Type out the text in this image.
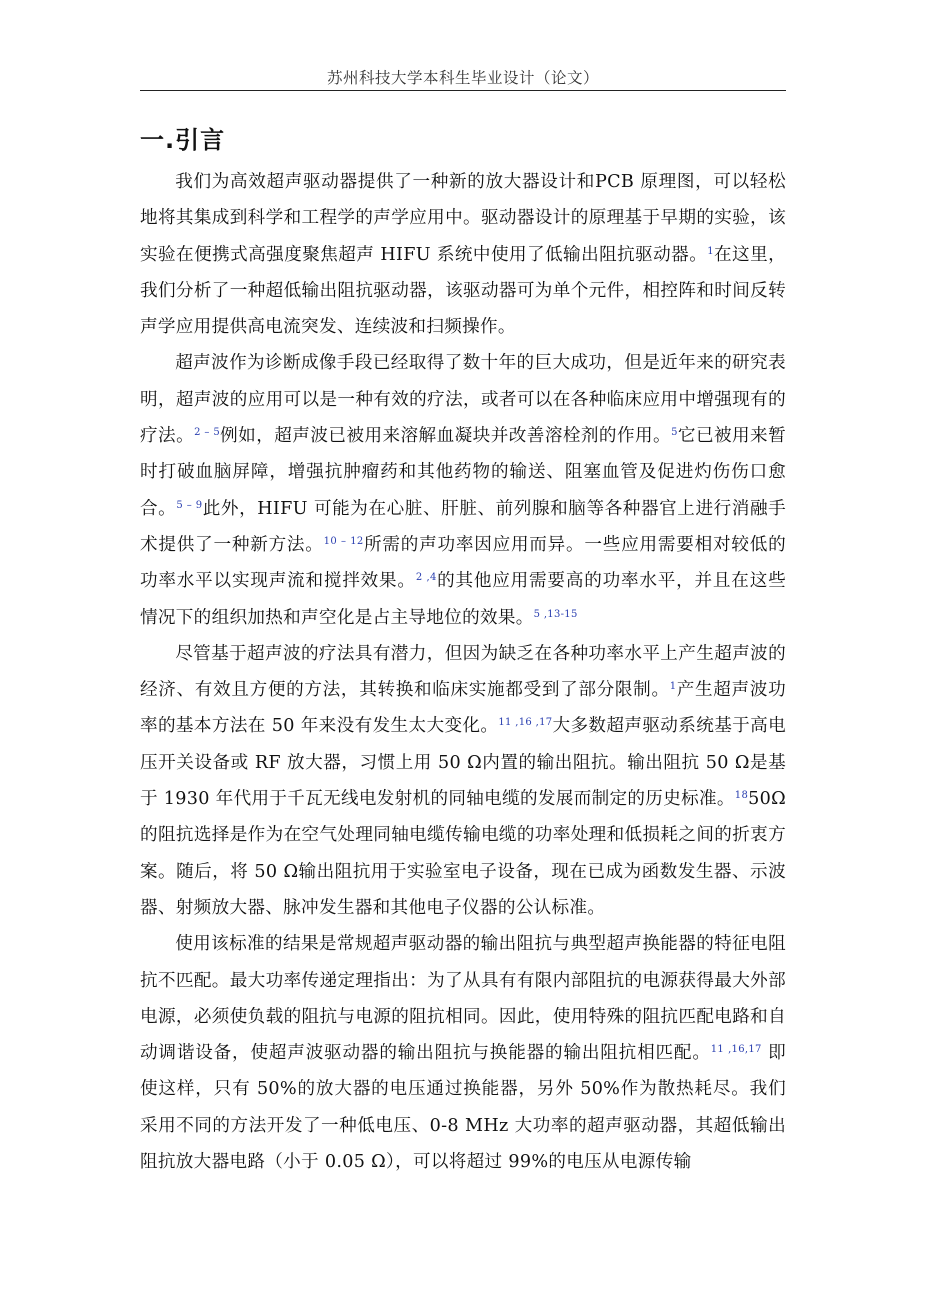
苏州科技大学本科生毕业设计（论文）
一.引言

我们为高效超声驱动器提供了一种新的放大器设计和PCB 原理图，可以轻松地将其集成到科学和工程学的声学应用中。驱动器设计的原理基于早期的实验，该实验在便携式高强度聚焦超声 HIFU 系统中使用了低输出阻抗驱动器。$^1$在这里，我们分析了一种超低输出阻抗驱动器，该驱动器可为单个元件，相控阵和时间反转声学应用提供高电流突发、连续波和扫频操作。

超声波作为诊断成像手段已经取得了数十年的巨大成功，但是近年来的研究表明，超声波的应用可以是一种有效的疗法，或者可以在各种临床应用中增强现有的疗法。$^{2 - 5}$例如，超声波已被用来溶解血凝块并改善溶栓剂的作用。$^5$它已被用来暂时打破血脑屏障，增强抗肿瘤药和其他药物的输送、阻塞血管及促进灼伤伤口愈合。$^{5 - 9}$此外，HIFU 可能为在心脏、肝脏、前列腺和脑等各种器官上进行消融手术提供了一种新方法。$^{10 - 12}$所需的声功率因应用而异。一些应用需要相对较低的功率水平以实现声流和搅拌效果。$^{2 ,4}$的其他应用需要高的功率水平，并且在这些情况下的组织加热和声空化是占主导地位的效果。$^{5 ,13-15}$

尽管基于超声波的疗法具有潜力，但因为缺乏在各种功率水平上产生超声波的经济、有效且方便的方法，其转换和临床实施都受到了部分限制。$^1$产生超声波功率的基本方法在 50 年来没有发生太大变化。$^{11 ,16 ,17}$大多数超声驱动系统基于高电压开关设备或 RF 放大器，习惯上用 50 Ω内置的输出阻抗。输出阻抗 50 Ω是基于 1930 年代用于千瓦无线电发射机的同轴电缆的发展而制定的历史标准。$^{18}$50Ω的阻抗选择是作为在空气处理同轴电缆传输电缆的功率处理和低损耗之间的折衷方案。随后，将 50 Ω输出阻抗用于实验室电子设备，现在已成为函数发生器、示波器、射频放大器、脉冲发生器和其他电子仪器的公认标准。

使用该标准的结果是常规超声驱动器的输出阻抗与典型超声换能器的特征电阻抗不匹配。最大功率传递定理指出：为了从具有有限内部阻抗的电源获得最大外部电源，必须使负载的阻抗与电源的阻抗相同。因此，使用特殊的阻抗匹配电路和自动调谐设备，使超声波驱动器的输出阻抗与换能器的输出阻抗相匹配。$^{11 ,16,17}$ 即使这样，只有 50%的放大器的电压通过换能器，另外 50%作为散热耗尽。我们采用不同的方法开发了一种低电压、0-8 MHz 大功率的超声驱动器，其超低输出阻抗放大器电路（小于 0.05 Ω），可以将超过 99%的电压从电源传输
